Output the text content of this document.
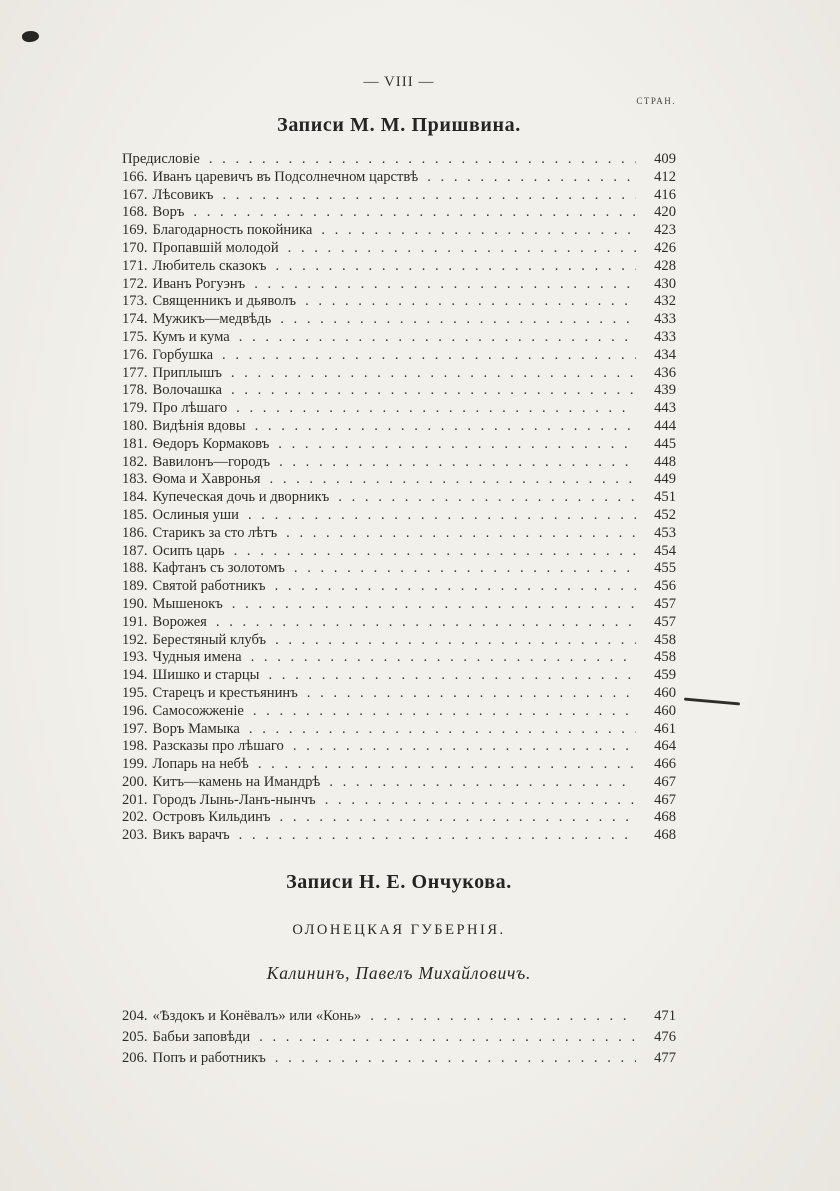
— VIII —
СТРАН.
Записи М. М. Пришвина.
Предисловіе . . .	409
166. Иванъ царевичъ въ Подсолнечном царствѣ . . .	412
167. Лѣсовикъ . . .	416
168. Воръ . . .	420
169. Благодарность покойника . . .	423
170. Пропавшій молодой . . .	426
171. Любитель сказокъ . . .	428
172. Иванъ Рогуэнъ . . .	430
173. Священникъ и дьяволъ . . .	432
174. Мужикъ—медвѣдь . . .	433
175. Кумъ и кума . . .	433
176. Горбушка . . .	434
177. Приплышъ . . .	436
178. Волочашка . . .	439
179. Про лѣшаго . . .	443
180. Видѣнія вдовы . . .	444
181. Ѳедоръ Кормаковъ . . .	445
182. Вавилонъ—городъ . . .	448
183. Ѳома и Хавронья . . .	449
184. Купеческая дочь и дворникъ . . .	451
185. Ослиныя уши . . .	452
186. Старикъ за сто лѣтъ . . .	453
187. Осипъ царь . . .	454
188. Кафтанъ съ золотомъ . . .	455
189. Святой работникъ . . .	456
190. Мышенокъ . . .	457
191. Ворожея . . .	457
192. Берестяный клубъ . . .	458
193. Чудныя имена . . .	458
194. Шишко и старцы . . .	459
195. Старецъ и крестьянинъ . . .	460
196. Самосожженіе . . .	460
197. Воръ Мамыка . . .	461
198. Разсказы про лѣшаго . . .	464
199. Лопарь на небѣ . . .	466
200. Китъ—камень на Имандрѣ . . .	467
201. Городъ Лынь-Ланъ-нынчъ . . .	467
202. Островъ Кильдинъ . . .	468
203. Викъ варачъ . . .	468
Записи Н. Е. Ончукова.
ОЛОНЕЦКАЯ ГУБЕРНІЯ.
Калининъ, Павелъ Михайловичъ.
204. «Ѣздокъ и Конёвалъ» или «Конь» . . .	471
205. Бабьи заповѣди . . .	476
206. Попъ и работникъ . . .	477
